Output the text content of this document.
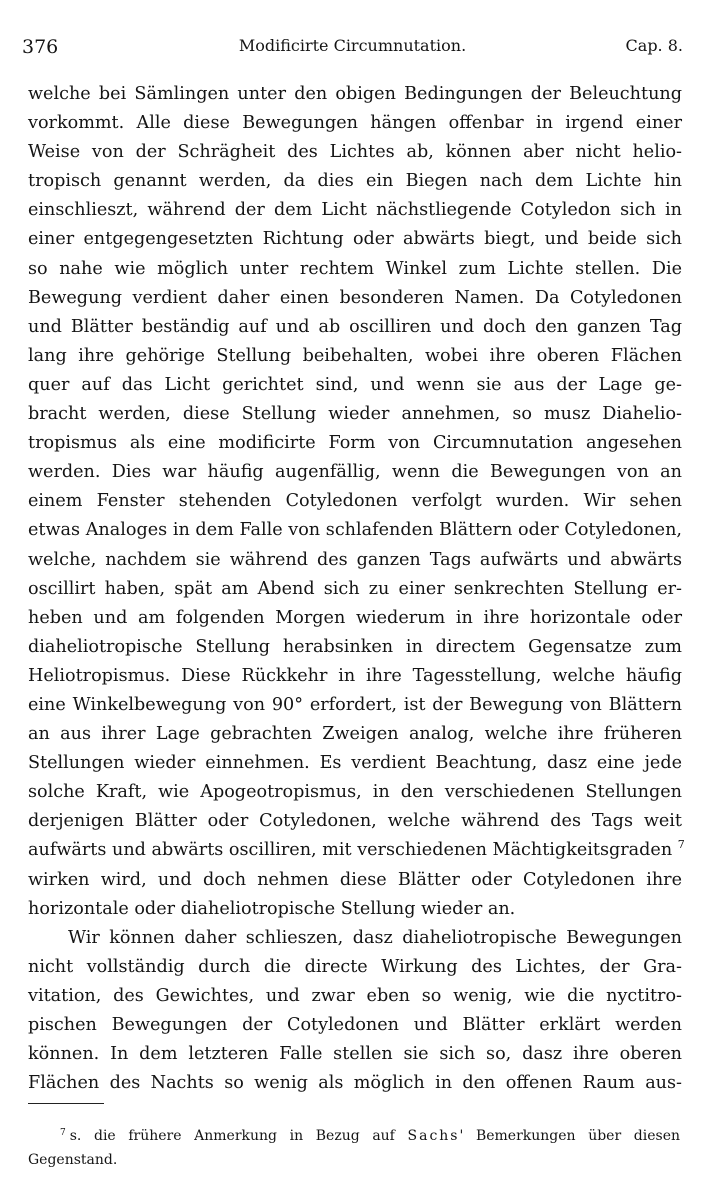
376	Modificirte Circumnutation.	Cap. 8.
welche bei Sämlingen unter den obigen Bedingungen der Beleuchtung
vorkommt. Alle diese Bewegungen hängen offenbar in irgend einer
Weise von der Schrägheit des Lichtes ab, können aber nicht helio-
tropisch genannt werden, da dies ein Biegen nach dem Lichte hin
einschlieszt, während der dem Licht nächstliegende Cotyledon sich in
einer entgegengesetzten Richtung oder abwärts biegt, und beide sich
so nahe wie möglich unter rechtem Winkel zum Lichte stellen. Die
Bewegung verdient daher einen besonderen Namen. Da Cotyledonen
und Blätter beständig auf und ab oscilliren und doch den ganzen Tag
lang ihre gehörige Stellung beibehalten, wobei ihre oberen Flächen
quer auf das Licht gerichtet sind, und wenn sie aus der Lage ge-
bracht werden, diese Stellung wieder annehmen, so musz Diahelio-
tropismus als eine modificirte Form von Circumnutation angesehen
werden. Dies war häufig augenfällig, wenn die Bewegungen von an
einem Fenster stehenden Cotyledonen verfolgt wurden. Wir sehen
etwas Analoges in dem Falle von schlafenden Blättern oder Cotyledonen,
welche, nachdem sie während des ganzen Tags aufwärts und abwärts
oscillirt haben, spät am Abend sich zu einer senkrechten Stellung er-
heben und am folgenden Morgen wiederum in ihre horizontale oder
diaheliotropische Stellung herabsinken in directem Gegensatze zum
Heliotropismus. Diese Rückkehr in ihre Tagesstellung, welche häufig
eine Winkelbewegung von 90° erfordert, ist der Bewegung von Blättern
an aus ihrer Lage gebrachten Zweigen analog, welche ihre früheren
Stellungen wieder einnehmen. Es verdient Beachtung, dasz eine jede
solche Kraft, wie Apogeotropismus, in den verschiedenen Stellungen
derjenigen Blätter oder Cotyledonen, welche während des Tags weit
aufwärts und abwärts oscilliren, mit verschiedenen Mächtigkeitsgraden $^7$
wirken wird, und doch nehmen diese Blätter oder Cotyledonen ihre
horizontale oder diaheliotropische Stellung wieder an.
Wir können daher schlieszen, dasz diaheliotropische Bewegungen
nicht vollständig durch die directe Wirkung des Lichtes, der Gra-
vitation, des Gewichtes, und zwar eben so wenig, wie die nyctitro-
pischen Bewegungen der Cotyledonen und Blätter erklärt werden
können. In dem letzteren Falle stellen sie sich so, dasz ihre oberen
Flächen des Nachts so wenig als möglich in den offenen Raum aus-
$^7$ s. die frühere Anmerkung in Bezug auf Sachs' Bemerkungen über diesen
Gegenstand.
